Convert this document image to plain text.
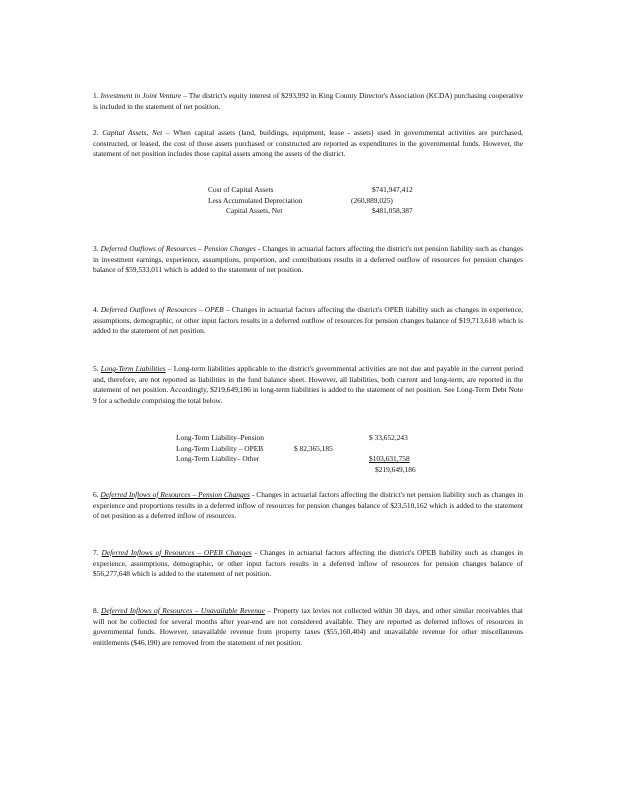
1. Investment in Joint Venture – The district's equity interest of $293,992 in King County Director's Association (KCDA) purchasing cooperative is included in the statement of net position.

2. Capital Assets, Net – When capital assets (land, buildings, equipment, lease - assets) used in governmental activities are purchased, constructed, or leased, the cost of those assets purchased or constructed are reported as expenditures in the governmental funds. However, the statement of net position includes those capital assets among the assets of the district.

Cost of Capital Assets	$741,947,412
Less Accumulated Depreciation	(260,889,025)
Capital Assets, Net	$481,058,387

3. Deferred Outflows of Resources – Pension Changes - Changes in actuarial factors affecting the district's net pension liability such as changes in investment earnings, experience, assumptions, proportion, and contributions results in a deferred outflow of resources for pension changes balance of $59,533,011 which is added to the statement of net position.

4. Deferred Outflows of Resources – OPEB – Changes in actuarial factors affecting the district's OPEB liability such as changes in experience, assumptions, demographic, or other input factors results in a deferred outflow of resources for pension changes balance of $19,713,618 which is added to the statement of net position.

5. Long-Term Liabilities – Long-term liabilities applicable to the district's governmental activities are not due and payable in the current period and, therefore, are not reported as liabilities in the fund balance sheet. However, all liabilities, both current and long-term, are reported in the statement of net position. Accordingly, $219,649,186 in long-term liabilities is added to the statement of net position. See Long-Term Debt Note 9 for a schedule comprising the total below.

Long-Term Liability–Pension	$ 33,652,243
Long-Term Liability – OPEB	$ 82,365,185
Long-Term Liability– Other	$103,631,758
$219,649,186

6. Deferred Inflows of Resources – Pension Changes - Changes in actuarial factors affecting the district's net pension liability such as changes in experience and proportions results in a deferred inflow of resources for pension changes balance of $23,510,162 which is added to the statement of net position as a deferred inflow of resources.

7. Deferred Inflows of Resources – OPEB Changes - Changes in actuarial factors affecting the district's OPEB liability such as changes in experience, assumptions, demographic, or other input factors results in a deferred inflow of resources for pension changes balance of $56,277,648 which is added to the statement of net position.

8. Deferred Inflows of Resources – Unavailable Revenue – Property tax levies not collected within 30 days, and other similar receivables that will not be collected for several months after year-end are not considered available. They are reported as deferred inflows of resources in governmental funds. However, unavailable revenue from property taxes ($55,160,404) and unavailable revenue for other miscellaneous entitlements ($46,190) are removed from the statement of net position.
